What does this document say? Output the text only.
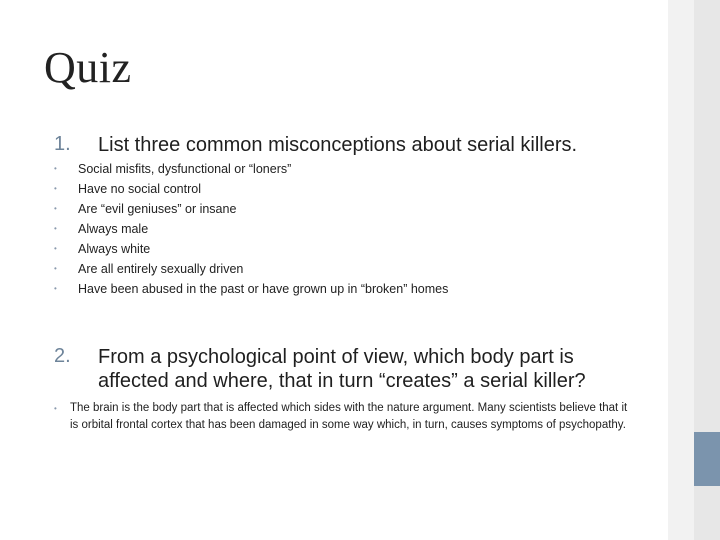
Quiz
1. List three common misconceptions about serial killers.
• Social misfits, dysfunctional or “loners”
• Have no social control
• Are “evil geniuses” or insane
• Always male
• Always white
• Are all entirely sexually driven
• Have been abused in the past or have grown up in “broken” homes
2. From a psychological point of view, which body part is affected and where, that in turn “creates” a serial killer?
• The brain is the body part that is affected which sides with the nature argument. Many scientists believe that it is orbital frontal cortex that has been damaged in some way which, in turn, causes symptoms of psychopathy.
